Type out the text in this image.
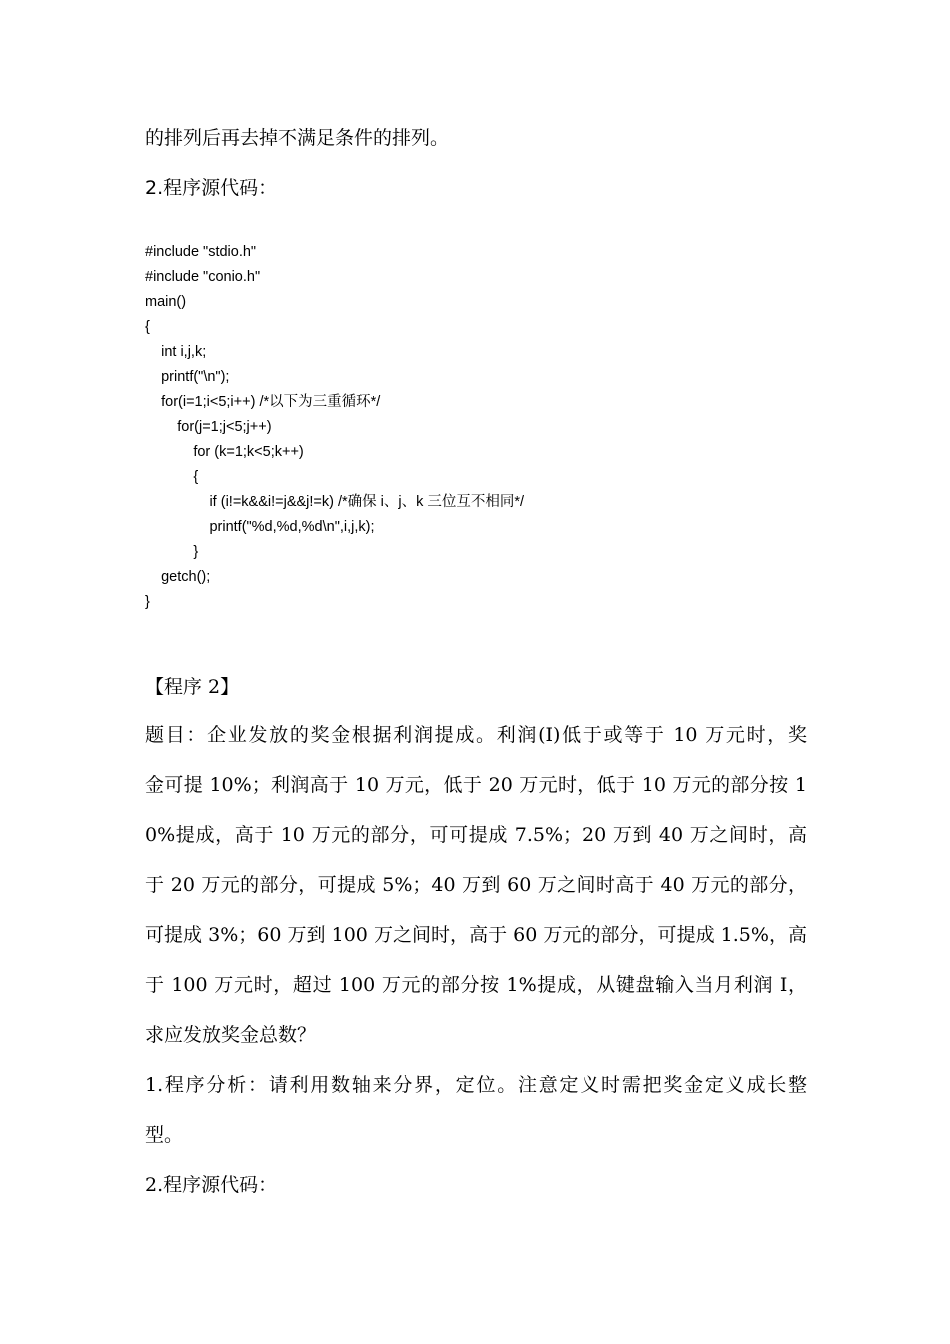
的排列后再去掉不满足条件的排列。

2.程序源代码：

#include "stdio.h"

#include "conio.h"

main()

{

int i,j,k;

printf("\n");

for(i=1;i<5;i++) /*以下为三重循环*/

for(j=1;j<5;j++)

for (k=1;k<5;k++)

{

if (i!=k&&i!=j&&j!=k) /*确保 i、j、k 三位互不相同*/

printf("%d,%d,%d\n",i,j,k);

}

getch();

}

【程序 2】

题目：企业发放的奖金根据利润提成。利润(I)低于或等于 10 万元时，奖

金可提 10%；利润高于 10 万元，低于 20 万元时，低于 10 万元的部分按 1

0%提成，高于 10 万元的部分，可可提成 7.5%；20 万到 40 万之间时，高

于 20 万元的部分，可提成 5%；40 万到 60 万之间时高于 40 万元的部分，

可提成 3%；60 万到 100 万之间时，高于 60 万元的部分，可提成 1.5%，高

于 100 万元时，超过 100 万元的部分按 1%提成，从键盘输入当月利润 I，

求应发放奖金总数？

1.程序分析：请利用数轴来分界，定位。注意定义时需把奖金定义成长整

型。

2.程序源代码：
